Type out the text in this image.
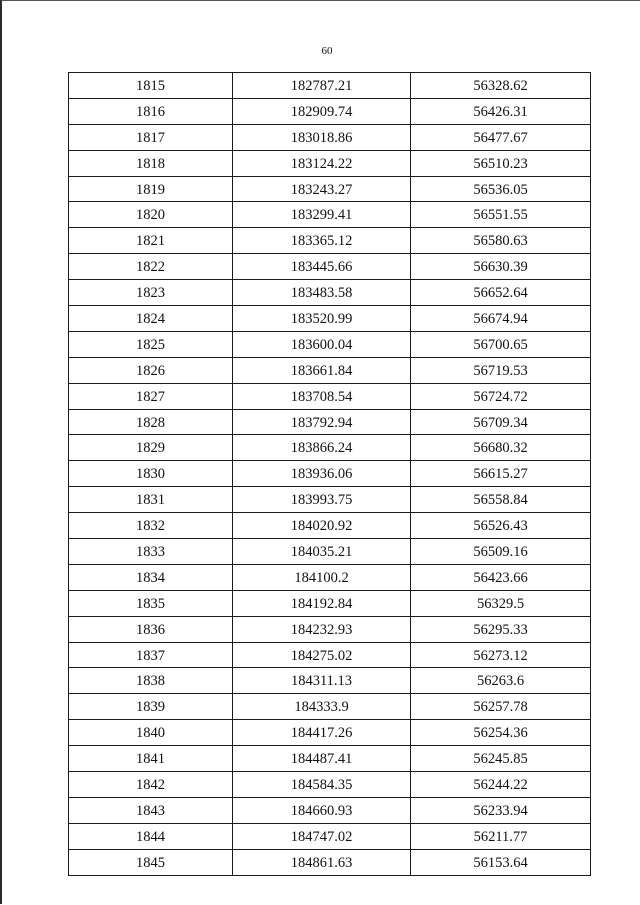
60
1815	182787.21	56328.62
1816	182909.74	56426.31
1817	183018.86	56477.67
1818	183124.22	56510.23
1819	183243.27	56536.05
1820	183299.41	56551.55
1821	183365.12	56580.63
1822	183445.66	56630.39
1823	183483.58	56652.64
1824	183520.99	56674.94
1825	183600.04	56700.65
1826	183661.84	56719.53
1827	183708.54	56724.72
1828	183792.94	56709.34
1829	183866.24	56680.32
1830	183936.06	56615.27
1831	183993.75	56558.84
1832	184020.92	56526.43
1833	184035.21	56509.16
1834	184100.2	56423.66
1835	184192.84	56329.5
1836	184232.93	56295.33
1837	184275.02	56273.12
1838	184311.13	56263.6
1839	184333.9	56257.78
1840	184417.26	56254.36
1841	184487.41	56245.85
1842	184584.35	56244.22
1843	184660.93	56233.94
1844	184747.02	56211.77
1845	184861.63	56153.64
